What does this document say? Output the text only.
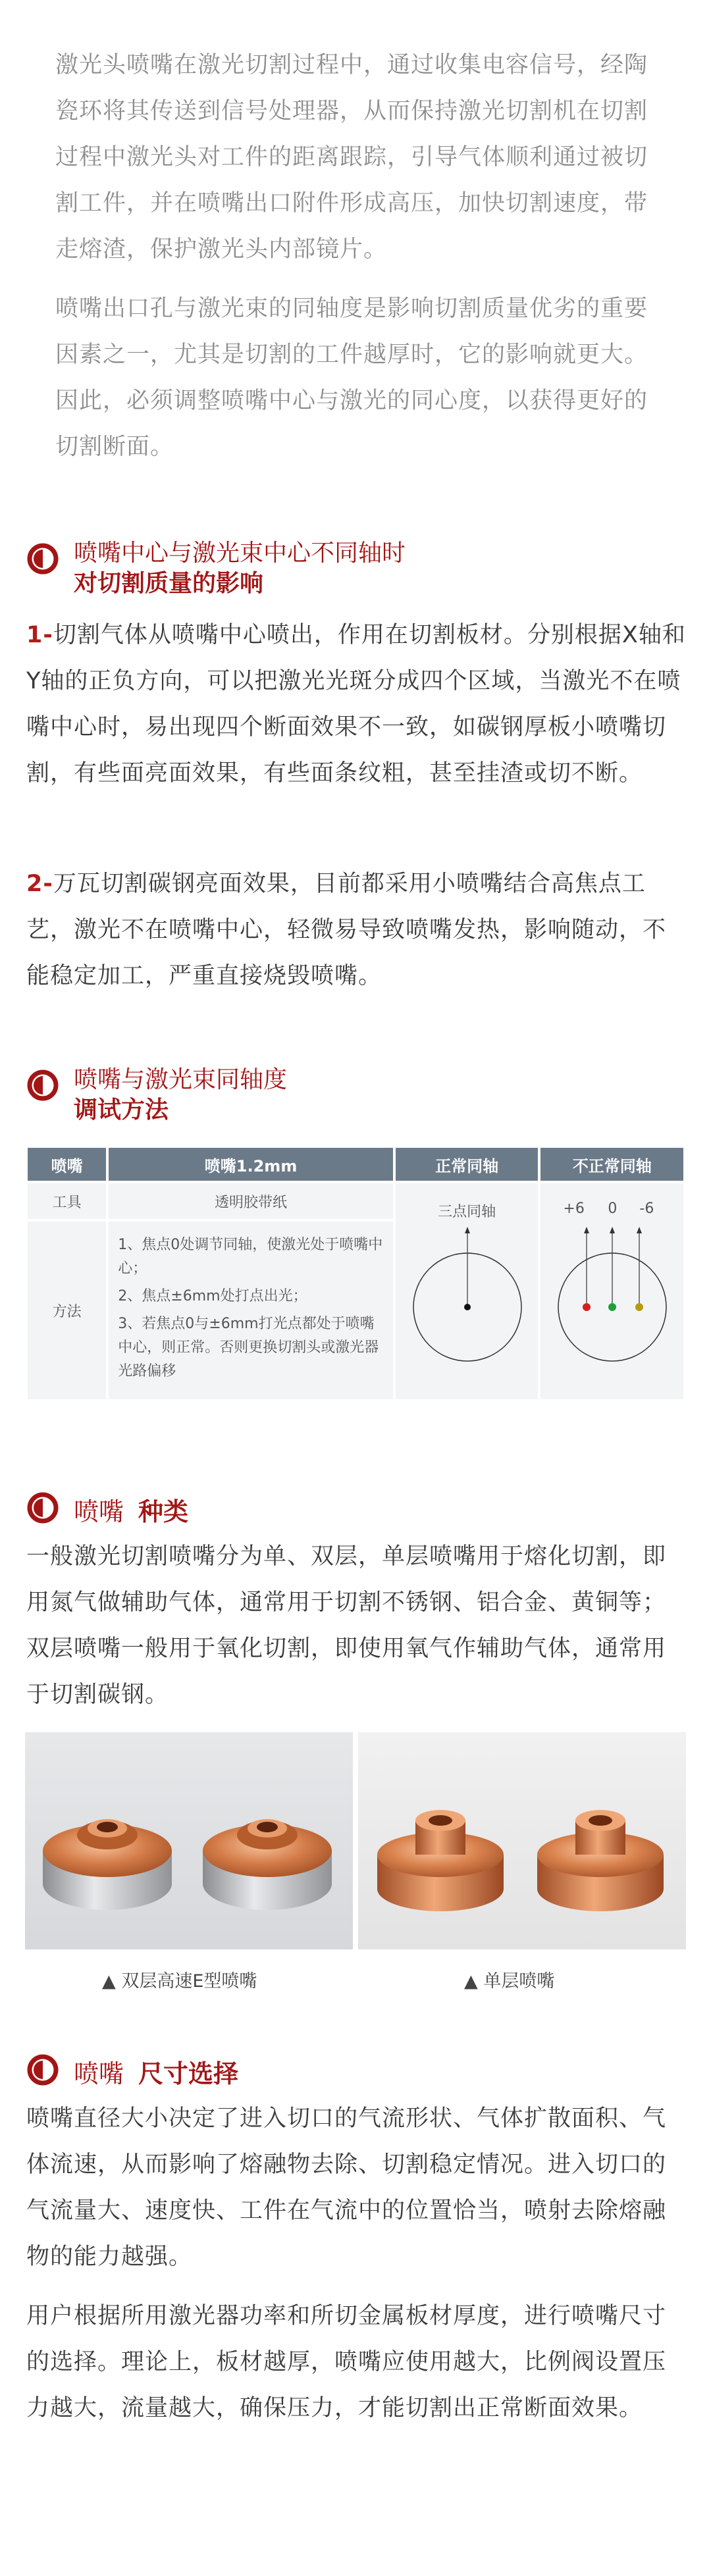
激光头喷嘴在激光切割过程中，通过收集电容信号，经陶瓷环将其传送到信号处理器，从而保持激光切割机在切割过程中激光头对工件的距离跟踪，引导气体顺利通过被切割工件，并在喷嘴出口附件形成高压，加快切割速度，带走熔渣，保护激光头内部镜片。
喷嘴出口孔与激光束的同轴度是影响切割质量优劣的重要因素之一，尤其是切割的工件越厚时，它的影响就更大。因此，必须调整喷嘴中心与激光的同心度，以获得更好的切割断面。
喷嘴中心与激光束中心不同轴时
对切割质量的影响
1-切割气体从喷嘴中心喷出，作用在切割板材。分别根据X轴和Y轴的正负方向，可以把激光光斑分成四个区域，当激光不在喷嘴中心时，易出现四个断面效果不一致，如碳钢厚板小喷嘴切割，有些面亮面效果，有些面条纹粗，甚至挂渣或切不断。
2-万瓦切割碳钢亮面效果，目前都采用小喷嘴结合高焦点工艺，激光不在喷嘴中心，轻微易导致喷嘴发热，影响随动，不能稳定加工，严重直接烧毁喷嘴。
喷嘴与激光束同轴度
调试方法
喷嘴	喷嘴1.2mm	正常同轴	不正常同轴
工具	透明胶带纸	三点同轴	+6 0 -6

方法	1、焦点0处调节同轴，使激光处于喷嘴中心；
2、焦点±6mm处打点出光；
3、若焦点0与±6mm打光点都处于喷嘴中心，则正常。否则更换切割头或激光器光路偏移		
喷嘴 种类
一般激光切割喷嘴分为单、双层，单层喷嘴用于熔化切割，即用氮气做辅助气体，通常用于切割不锈钢、铝合金、黄铜等；双层喷嘴一般用于氧化切割，即使用氧气作辅助气体，通常用于切割碳钢。
▲ 双层高速E型喷嘴	▲ 单层喷嘴
喷嘴 尺寸选择
喷嘴直径大小决定了进入切口的气流形状、气体扩散面积、气体流速，从而影响了熔融物去除、切割稳定情况。进入切口的气流量大、速度快、工件在气流中的位置恰当，喷射去除熔融物的能力越强。
用户根据所用激光器功率和所切金属板材厚度，进行喷嘴尺寸的选择。理论上，板材越厚，喷嘴应使用越大，比例阀设置压力越大，流量越大，确保压力，才能切割出正常断面效果。
